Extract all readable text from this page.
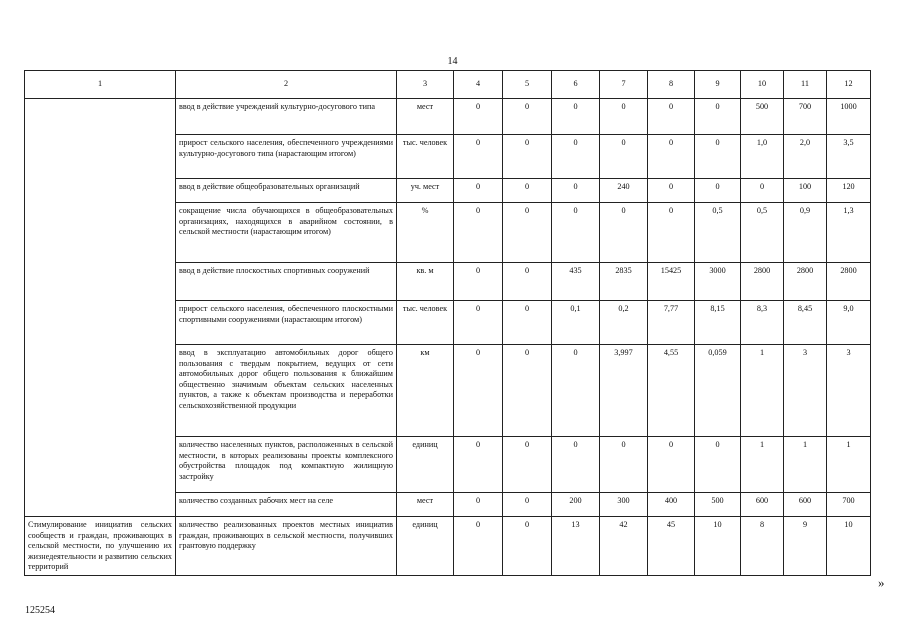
14
1	2	3	4	5	6	7	8	9	10	11	12
	ввод в действие учреждений культурно-досугового типа	мест	0	0	0	0	0	0	500	700	1000
	прирост сельского населения, обеспеченного учреждениями культурно-досугового типа (нарастающим итогом)	тыс. человек	0	0	0	0	0	0	1,0	2,0	3,5
	ввод в действие общеобразовательных организаций	уч. мест	0	0	0	240	0	0	0	100	120
	сокращение числа обучающихся в общеобразовательных организациях, находящихся в аварийном состоянии, в сельской местности (нарастающим итогом)	%	0	0	0	0	0	0,5	0,5	0,9	1,3
	ввод в действие плоскостных спортивных сооружений	кв. м	0	0	435	2835	15425	3000	2800	2800	2800
	прирост сельского населения, обеспеченного плоскостными спортивными сооружениями (нарастающим итогом)	тыс. человек	0	0	0,1	0,2	7,77	8,15	8,3	8,45	9,0
	ввод в эксплуатацию автомобильных дорог общего пользования с твердым покрытием, ведущих от сети автомобильных дорог общего пользования к ближайшим общественно значимым объектам сельских населенных пунктов, а также к объектам производства и переработки сельскохозяйственной продукции	км	0	0	0	3,997	4,55	0,059	1	3	3
	количество населенных пунктов, расположенных в сельской местности, в которых реализованы проекты комплексного обустройства площадок под компактную жилищную застройку	единиц	0	0	0	0	0	0	1	1	1
	количество созданных рабочих мест на селе	мест	0	0	200	300	400	500	600	600	700
Стимулирование инициатив сельских сообществ и граждан, проживающих в сельской местности, по улучшению их жизнедеятельности и развитию сельских территорий	количество реализованных проектов местных инициатив граждан, проживающих в сельской местности, получивших грантовую поддержку	единиц	0	0	13	42	45	10	8	9	10
»
125254
